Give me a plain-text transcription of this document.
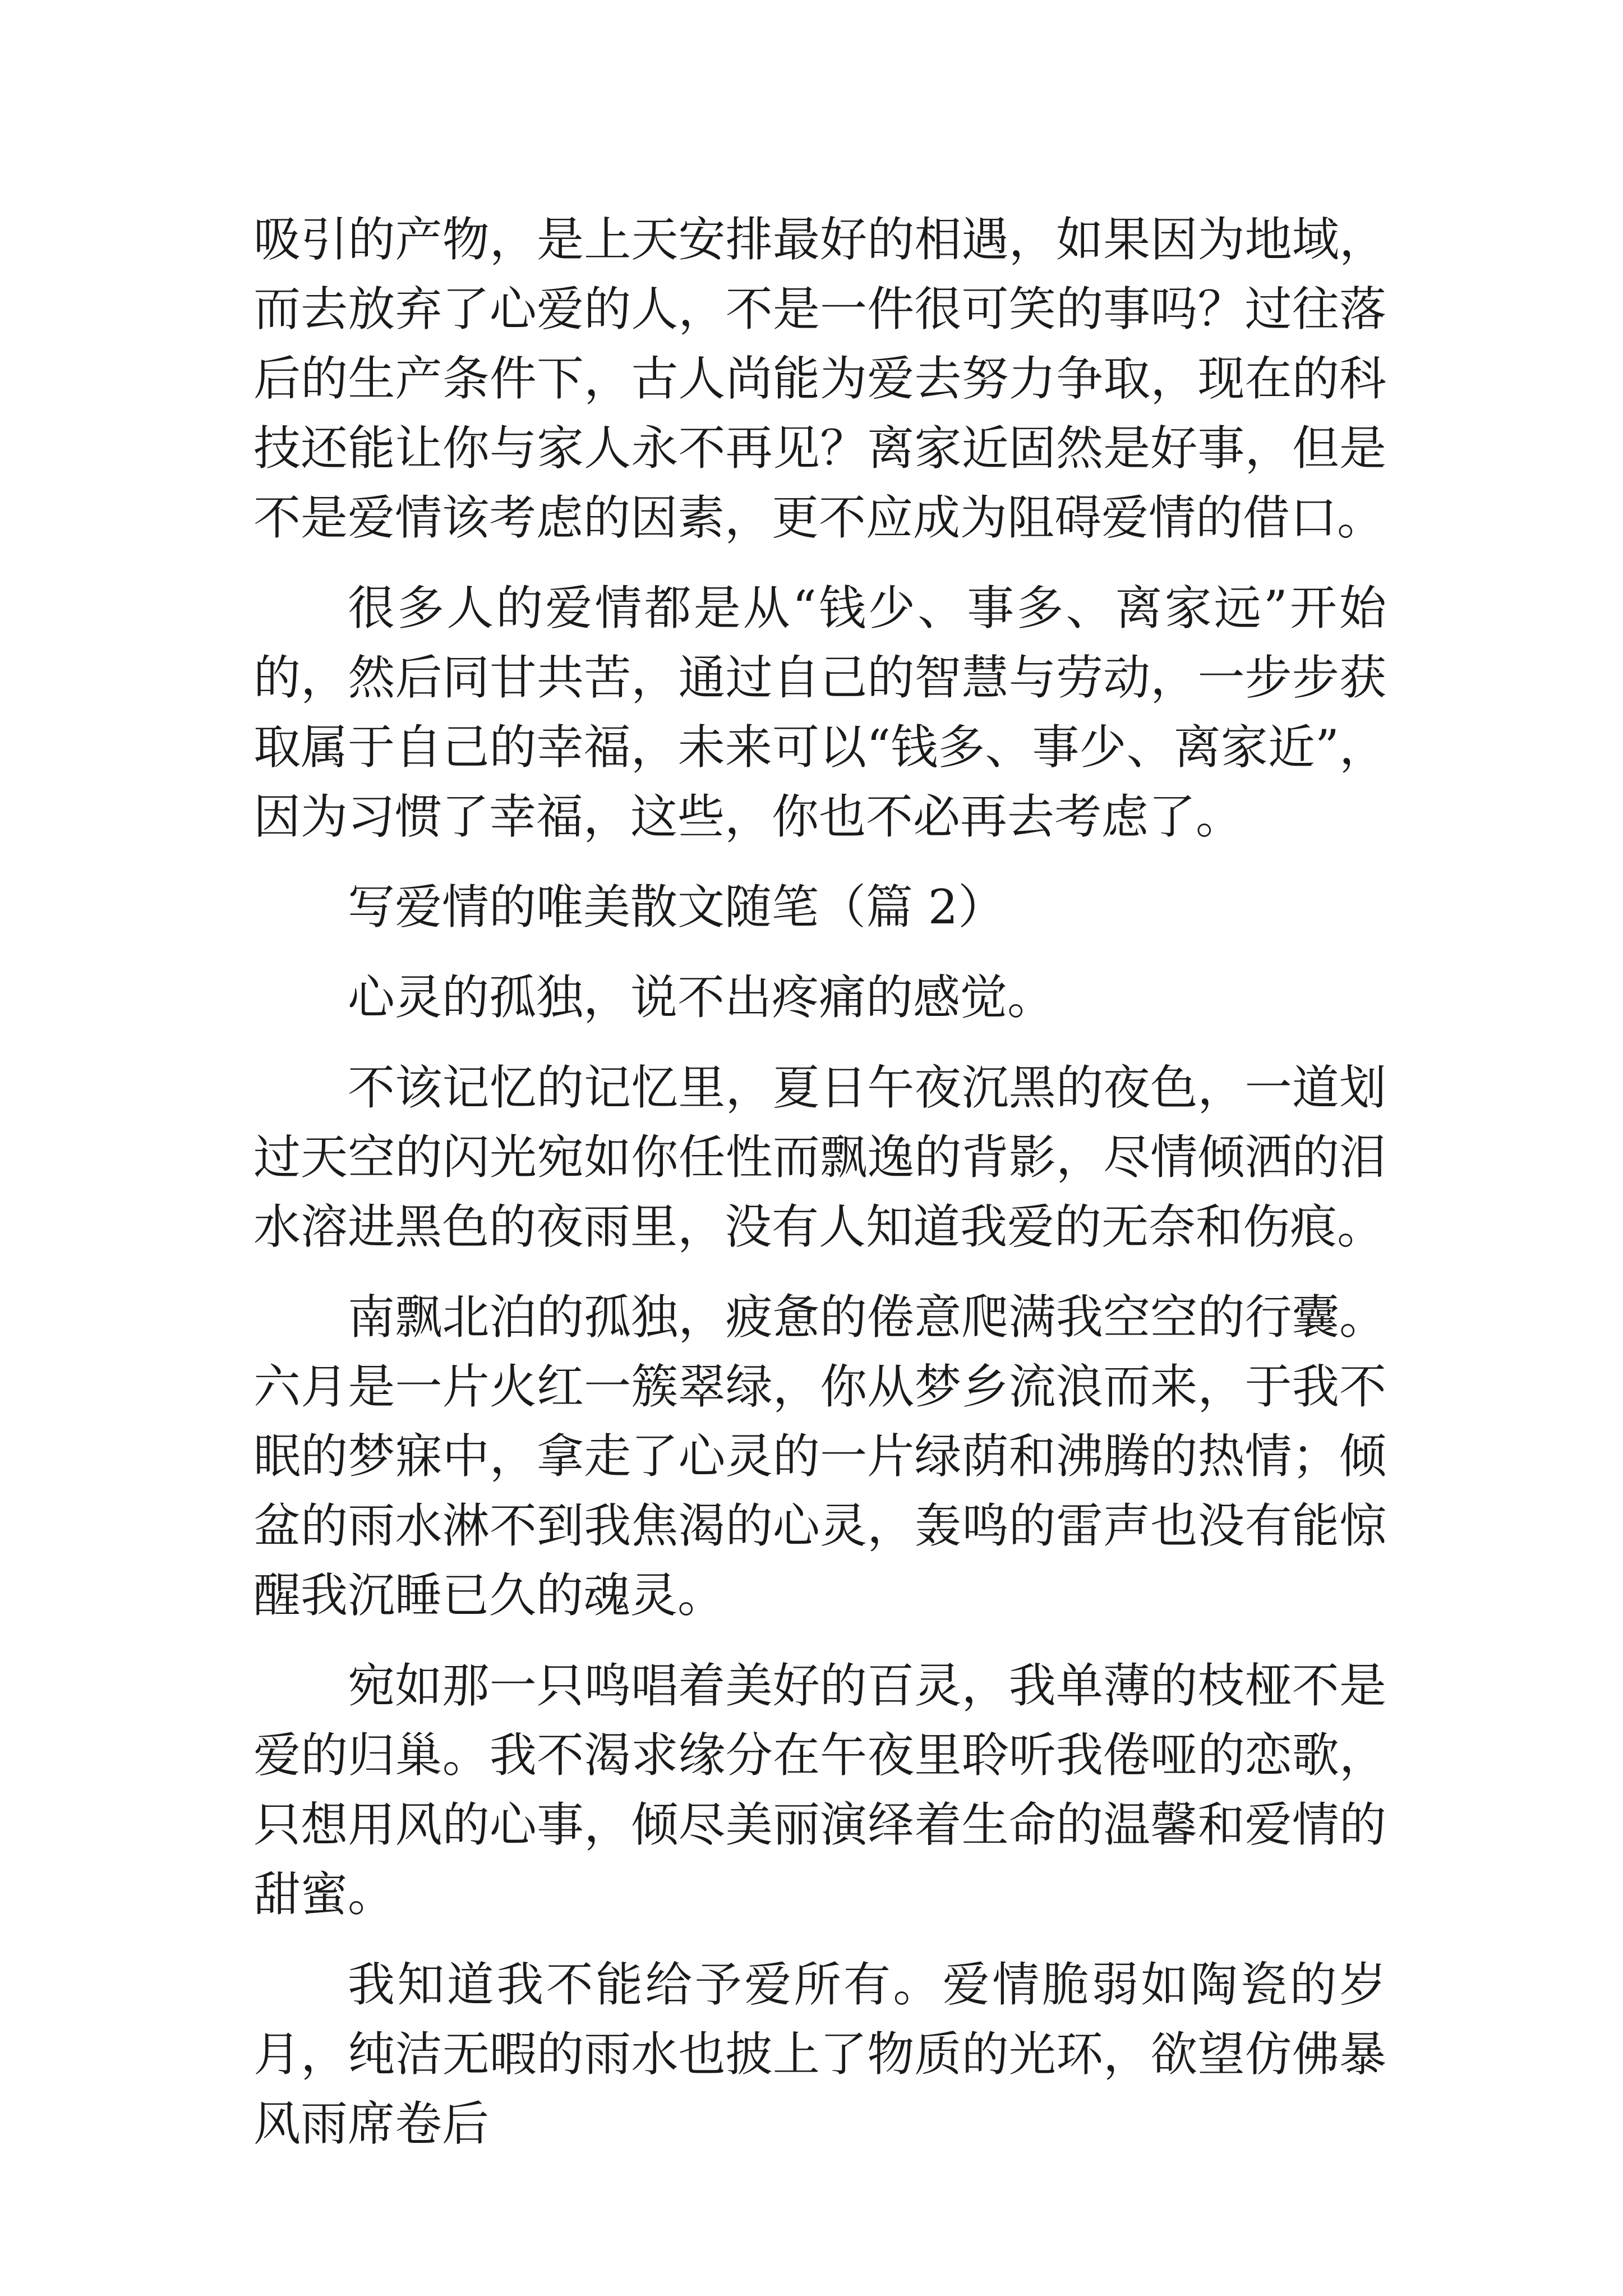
吸引的产物，是上天安排最好的相遇，如果因为地域，而去放弃了心爱的人，不是一件很可笑的事吗？过往落后的生产条件下，古人尚能为爱去努力争取，现在的科技还能让你与家人永不再见？离家近固然是好事，但是不是爱情该考虑的因素，更不应成为阻碍爱情的借口。

很多人的爱情都是从“钱少、事多、离家远”开始的，然后同甘共苦，通过自己的智慧与劳动，一步步获取属于自己的幸福，未来可以“钱多、事少、离家近”，因为习惯了幸福，这些，你也不必再去考虑了。

写爱情的唯美散文随笔（篇 2）

心灵的孤独，说不出疼痛的感觉。

不该记忆的记忆里，夏日午夜沉黑的夜色，一道划过天空的闪光宛如你任性而飘逸的背影，尽情倾洒的泪水溶进黑色的夜雨里，没有人知道我爱的无奈和伤痕。

南飘北泊的孤独，疲惫的倦意爬满我空空的行囊。六月是一片火红一簇翠绿，你从梦乡流浪而来，于我不眠的梦寐中，拿走了心灵的一片绿荫和沸腾的热情；倾盆的雨水淋不到我焦渴的心灵，轰鸣的雷声也没有能惊醒我沉睡已久的魂灵。

宛如那一只鸣唱着美好的百灵，我单薄的枝桠不是爱的归巢。我不渴求缘分在午夜里聆听我倦哑的恋歌，只想用风的心事，倾尽美丽演绎着生命的温馨和爱情的甜蜜。

我知道我不能给予爱所有。爱情脆弱如陶瓷的岁月，纯洁无暇的雨水也披上了物质的光环，欲望仿佛暴风雨席卷后
